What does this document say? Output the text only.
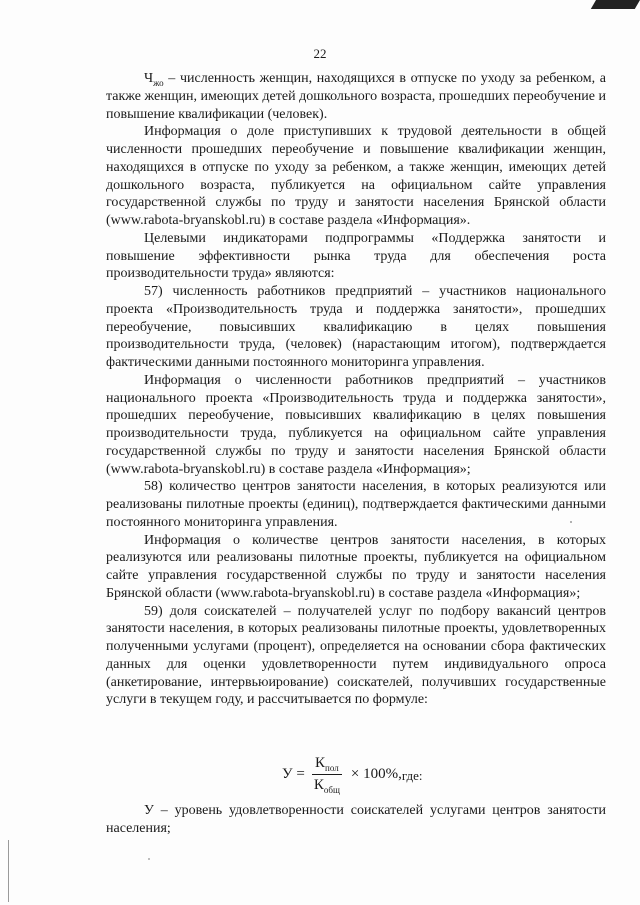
22

$Ч_{жо}$ – численность женщин, находящихся в отпуске по уходу за ребенком, а также женщин, имеющих детей дошкольного возраста, прошедших переобучение и повышение квалификации (человек).

Информация о доле приступивших к трудовой деятельности в общей численности прошедших переобучение и повышение квалификации женщин, находящихся в отпуске по уходу за ребенком, а также женщин, имеющих детей дошкольного возраста, публикуется на официальном сайте управления государственной службы по труду и занятости населения Брянской области (www.rabota-bryanskobl.ru) в составе раздела «Информация».

Целевыми индикаторами подпрограммы «Поддержка занятости и повышение эффективности рынка труда для обеспечения роста производительности труда» являются:

57) численность работников предприятий – участников национального проекта «Производительность труда и поддержка занятости», прошедших переобучение, повысивших квалификацию в целях повышения производительности труда, (человек) (нарастающим итогом), подтверждается фактическими данными постоянного мониторинга управления.

Информация о численности работников предприятий – участников национального проекта «Производительность труда и поддержка занятости», прошедших переобучение, повысивших квалификацию в целях повышения производительности труда, публикуется на официальном сайте управления государственной службы по труду и занятости населения Брянской области (www.rabota-bryanskobl.ru) в составе раздела «Информация»;

58) количество центров занятости населения, в которых реализуются или реализованы пилотные проекты (единиц), подтверждается фактическими данными постоянного мониторинга управления.

Информация о количестве центров занятости населения, в которых реализуются или реализованы пилотные проекты, публикуется на официальном сайте управления государственной службы по труду и занятости населения Брянской области (www.rabota-bryanskobl.ru) в составе раздела «Информация»;

59) доля соискателей – получателей услуг по подбору вакансий центров занятости населения, в которых реализованы пилотные проекты, удовлетворенных полученными услугами (процент), определяется на основании сбора фактических данных для оценки удовлетворенности путем индивидуального опроса (анкетирование, интервьюирование) соискателей, получивших государственные услуги в текущем году, и рассчитывается по формуле:

$У = \frac{К_{пол}}{К_{общ}} \times 100\%$, где:

У – уровень удовлетворенности соискателей услугами центров занятости населения;
